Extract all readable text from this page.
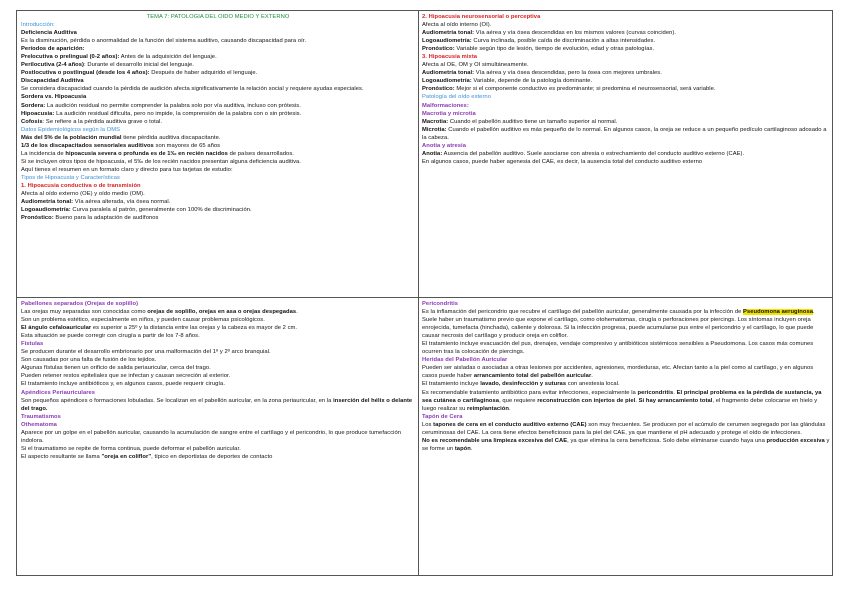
TEMA 7: PATOLOGIA DEL OIDO MEDIO Y EXTERNO
Introducción:
Deficiencia Auditiva
Es la disminución, pérdida o anormalidad de la función del sistema auditivo, causando discapacidad para oír.
Períodos de aparición:
Prelocutiva o prelingual (0-2 años): Antes de la adquisición del lenguaje.
Perilocutiva (2-4 años): Durante el desarrollo inicial del lenguaje.
Postlocutiva o postlingual (desde los 4 años): Después de haber adquirido el lenguaje.
Discapacidad Auditiva
Se considera discapacidad cuando la pérdida de audición afecta significativamente la relación social y requiere ayudas especiales.
Sordera vs. Hipoacusia
Sordera: La audición residual no permite comprender la palabra solo por vía auditiva, incluso con prótesis.
Hipoacusia: La audición residual dificulta, pero no impide, la comprensión de la palabra con o sin prótesis.
Cofosis: Se refiere a la pérdida auditiva grave o total.
Datos Epidemiológicos según la OMS
Más del 5% de la población mundial tiene pérdida auditiva discapacitante.
1/3 de los discapacitados sensoriales auditivos son mayores de 65 años
La incidencia de hipoacusia severa o profunda es de 1‰ en recién nacidos de países desarrollados.
Si se incluyen otros tipos de hipoacusia, el 5‰ de los recién nacidos presentan alguna deficiencia auditiva.
Aquí tienes el resumen en un formato claro y directo para tus tarjetas de estudio:
Tipos de Hipoacusia y Características
1. Hipoacusia conductiva o de transmisión
Afecta al oído externo (OE) y oído medio (OM).
Audiometría tonal: Vía aérea alterada, vía ósea normal.
Logoaudiometría: Curva paralela al patrón, generalmente con 100% de discriminación.
Pronóstico: Bueno para la adaptación de audífonos
2. Hipoacusia neurosensorial o perceptiva
Afecta al oído interno (OI).
Audiometría tonal: Vía aérea y vía ósea descendidas en los mismos valores (curvas coinciden).
Logoaudiometría: Curva inclinada, posible caída de discriminación a altas intensidades.
Pronóstico: Variable según tipo de lesión, tiempo de evolución, edad y otras patologías.
3. Hipoacusia mixta
Afecta al OE, OM y OI simultáneamente.
Audiometría tonal: Vía aérea y vía ósea descendidas, pero la ósea con mejores umbrales.
Logoaudiometría: Variable, depende de la patología dominante.
Pronóstico: Mejor si el componente conductivo es predominante; si predomina el neurosensorial, será variable.
Patología del oído externo
Malformaciones:
Macrotia y microtia
Macrotia: Cuando el pabellón auditivo tiene un tamaño superior al normal.
Microtia: Cuando el pabellón auditivo es más pequeño de lo normal. En algunos casos, la oreja se reduce a un pequeño pedículo cartilaginoso adosado a la cabeza.
Anotia y atresia
Anotia: Ausencia del pabellón auditivo. Suele asociarse con atresia o estrechamiento del conducto auditivo externo (CAE).
En algunos casos, puede haber agenesia del CAE, es decir, la ausencia total del conducto auditivo externo
Pabellones separados (Orejas de soplillo)
Las orejas muy separadas son conocidas como orejas de soplillo, orejas en asa o orejas despegadas.
Son un problema estético, especialmente en niños, y pueden causar problemas psicológicos.
El ángulo cefaloauricular es superior a 25º y la distancia entre las orejas y la cabeza es mayor de 2 cm.
Esta situación se puede corregir con cirugía a partir de los 7-8 años.
Fístulas
Se producen durante el desarrollo embrionario por una malformación del 1º y 2º arco branquial.
Son causadas por una falta de fusión de los tejidos.
Algunas fístulas tienen un orificio de salida periauricular, cerca del trago.
Pueden retener restos epiteliales que se infectan y causan secreción al exterior.
El tratamiento incluye antibióticos y, en algunos casos, puede requerir cirugía.
Apéndices Periauriculares
Son pequeños apéndices o formaciones lobuladas. Se localizan en el pabellón auricular, en la zona periauricular, en la inserción del hélix o delante del trago.
Traumatismos
Othematoma
Aparece por un golpe en el pabellón auricular, causando la acumulación de sangre entre el cartílago y el pericondrio, lo que produce tumefacción indolora.
Si el traumatismo se repite de forma continua, puede deformar el pabellón auricular.
El aspecto resultante se llama "oreja en coliflor", típico en deportistas de deportes de contacto
Pericondritis
Es la inflamación del pericondrio que recubre el cartílago del pabellón auricular, generalmente causada por la infección de Pseudomona aeruginosa.
Suele haber un traumatismo previo que expone el cartílago, como otohematomas, cirugía o perforaciones por piercings. Los síntomas incluyen oreja enrojecida, tumefacta (hinchada), caliente y dolorosa. Si la infección progresa, puede acumularse pus entre el pericondrio y el cartílago, lo que puede causar necrosis del cartílago y producir oreja en coliflor.
El tratamiento incluye evacuación del pus, drenajes, vendaje compresivo y antibióticos sistémicos sensibles a Pseudomona. Los casos más comunes ocurren tras la colocación de piercings.
Heridas del Pabellón Auricular
Pueden ser aisladas o asociadas a otras lesiones por accidentes, agresiones, mordeduras, etc. Afectan tanto a la piel como al cartílago, y en algunos casos puede haber arrancamiento total del pabellón auricular.
El tratamiento incluye lavado, desinfección y suturas con anestesia local.
Es recomendable tratamiento antibiótico para evitar infecciones, especialmente la pericondritis. El principal problema es la pérdida de sustancia, ya sea cutánea o cartilaginosa, que requiere reconstrucción con injertos de piel. Si hay arrancamiento total, el fragmento debe colocarse en hielo y luego realizar su reimplantación.
Tapón de Cera
Los tapones de cera en el conducto auditivo externo (CAE) son muy frecuentes. Se producen por el acúmulo de cerumen segregado por las glándulas ceruminosas del CAE. La cera tiene efectos beneficiosos para la piel del CAE, ya que mantiene el pH adecuado y protege el oído de infecciones.
No es recomendable una limpieza excesiva del CAE, ya que elimina la cera beneficiosa. Solo debe eliminarse cuando haya una producción excesiva y se forme un tapón.
